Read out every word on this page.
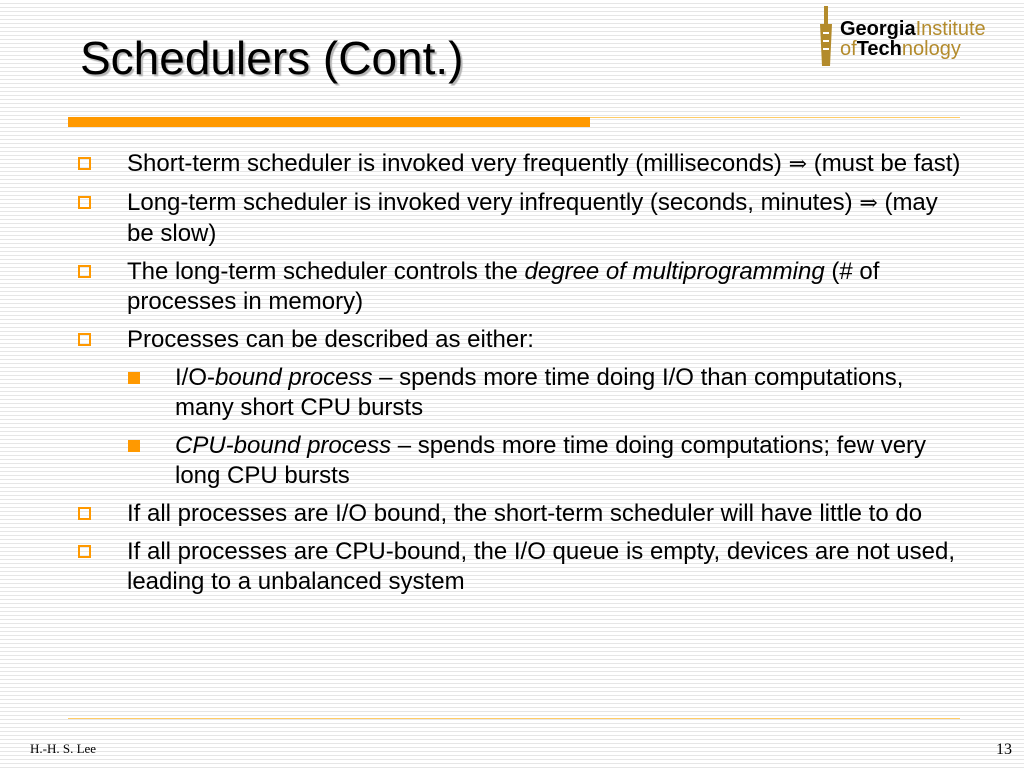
Schedulers (Cont.)
GeorgiaInstitute
ofTechnology
Short-term scheduler is invoked very frequently (milliseconds) ⇒ (must be fast)
Long-term scheduler is invoked very infrequently (seconds, minutes) ⇒ (may be slow)
The long-term scheduler controls the degree of multiprogramming (# of processes in memory)
Processes can be described as either:
I/O-bound process – spends more time doing I/O than computations, many short CPU bursts
CPU-bound process – spends more time doing computations; few very long CPU bursts
If all processes are I/O bound, the short-term scheduler will have little to do
If all processes are CPU-bound, the I/O queue is empty, devices are not used, leading to a unbalanced system
H.-H. S. Lee	13
